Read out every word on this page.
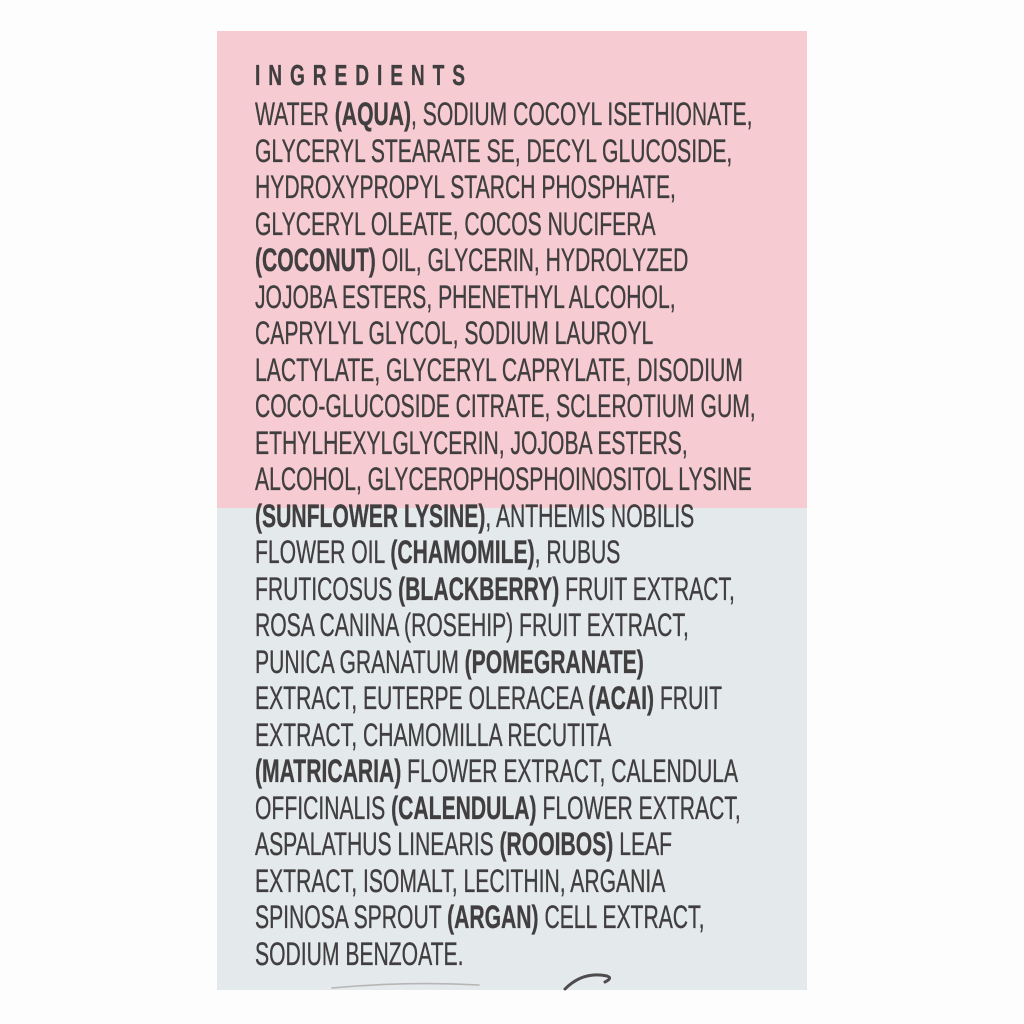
INGREDIENTS
WATER (AQUA), SODIUM COCOYL ISETHIONATE,
GLYCERYL STEARATE SE, DECYL GLUCOSIDE,
HYDROXYPROPYL STARCH PHOSPHATE,
GLYCERYL OLEATE, COCOS NUCIFERA
(COCONUT) OIL, GLYCERIN, HYDROLYZED
JOJOBA ESTERS, PHENETHYL ALCOHOL,
CAPRYLYL GLYCOL, SODIUM LAUROYL
LACTYLATE, GLYCERYL CAPRYLATE, DISODIUM
COCO-GLUCOSIDE CITRATE, SCLEROTIUM GUM,
ETHYLHEXYLGLYCERIN, JOJOBA ESTERS,
ALCOHOL, GLYCEROPHOSPHOINOSITOL LYSINE
(SUNFLOWER LYSINE), ANTHEMIS NOBILIS
FLOWER OIL (CHAMOMILE), RUBUS
FRUTICOSUS (BLACKBERRY) FRUIT EXTRACT,
ROSA CANINA (ROSEHIP) FRUIT EXTRACT,
PUNICA GRANATUM (POMEGRANATE)
EXTRACT, EUTERPE OLERACEA (ACAI) FRUIT
EXTRACT, CHAMOMILLA RECUTITA
(MATRICARIA) FLOWER EXTRACT, CALENDULA
OFFICINALIS (CALENDULA) FLOWER EXTRACT,
ASPALATHUS LINEARIS (ROOIBOS) LEAF
EXTRACT, ISOMALT, LECITHIN, ARGANIA
SPINOSA SPROUT (ARGAN) CELL EXTRACT,
SODIUM BENZOATE.
